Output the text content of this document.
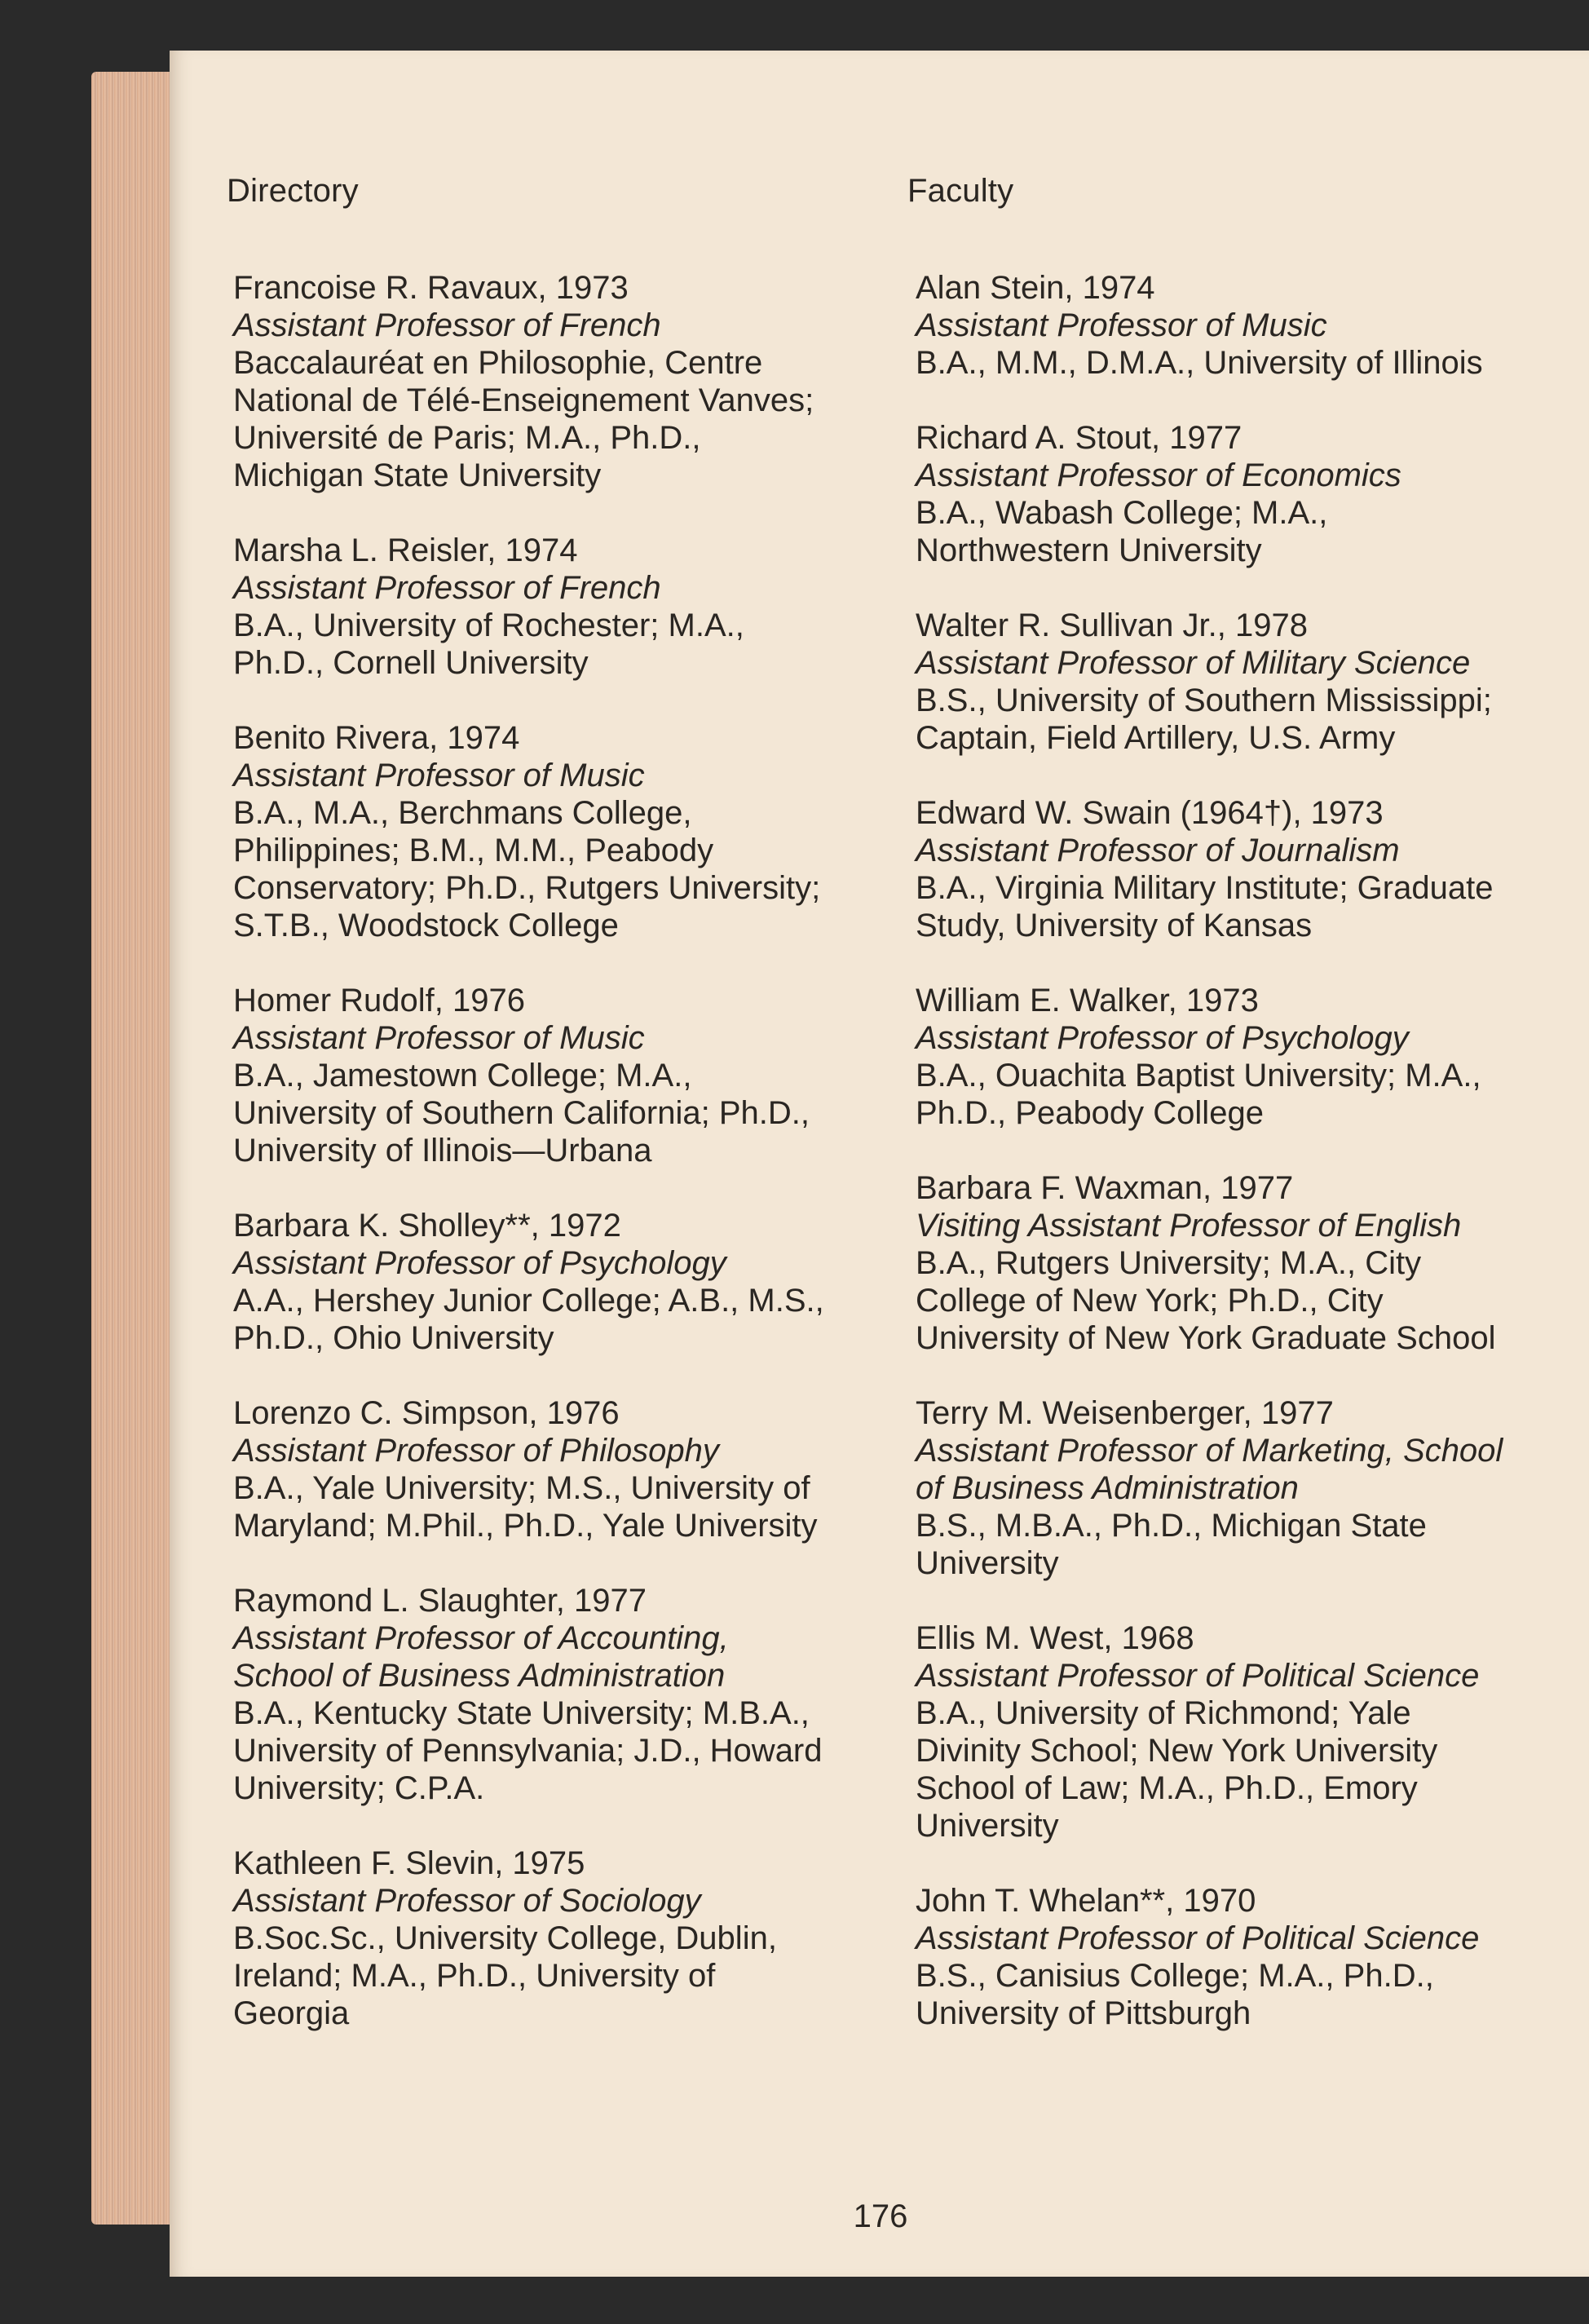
Directory	Faculty
Francoise R. Ravaux, 1973
Assistant Professor of French
Baccalauréat en Philosophie, Centre
National de Télé-Enseignement Vanves;
Université de Paris; M.A., Ph.D.,
Michigan State University
Marsha L. Reisler, 1974
Assistant Professor of French
B.A., University of Rochester; M.A.,
Ph.D., Cornell University
Benito Rivera, 1974
Assistant Professor of Music
B.A., M.A., Berchmans College,
Philippines; B.M., M.M., Peabody
Conservatory; Ph.D., Rutgers University;
S.T.B., Woodstock College
Homer Rudolf, 1976
Assistant Professor of Music
B.A., Jamestown College; M.A.,
University of Southern California; Ph.D.,
University of Illinois—Urbana
Barbara K. Sholley**, 1972
Assistant Professor of Psychology
A.A., Hershey Junior College; A.B., M.S.,
Ph.D., Ohio University
Lorenzo C. Simpson, 1976
Assistant Professor of Philosophy
B.A., Yale University; M.S., University of
Maryland; M.Phil., Ph.D., Yale University
Raymond L. Slaughter, 1977
Assistant Professor of Accounting,
School of Business Administration
B.A., Kentucky State University; M.B.A.,
University of Pennsylvania; J.D., Howard
University; C.P.A.
Kathleen F. Slevin, 1975
Assistant Professor of Sociology
B.Soc.Sc., University College, Dublin,
Ireland; M.A., Ph.D., University of
Georgia
Alan Stein, 1974
Assistant Professor of Music
B.A., M.M., D.M.A., University of Illinois
Richard A. Stout, 1977
Assistant Professor of Economics
B.A., Wabash College; M.A.,
Northwestern University
Walter R. Sullivan Jr., 1978
Assistant Professor of Military Science
B.S., University of Southern Mississippi;
Captain, Field Artillery, U.S. Army
Edward W. Swain (1964†), 1973
Assistant Professor of Journalism
B.A., Virginia Military Institute; Graduate
Study, University of Kansas
William E. Walker, 1973
Assistant Professor of Psychology
B.A., Ouachita Baptist University; M.A.,
Ph.D., Peabody College
Barbara F. Waxman, 1977
Visiting Assistant Professor of English
B.A., Rutgers University; M.A., City
College of New York; Ph.D., City
University of New York Graduate School
Terry M. Weisenberger, 1977
Assistant Professor of Marketing, School
of Business Administration
B.S., M.B.A., Ph.D., Michigan State
University
Ellis M. West, 1968
Assistant Professor of Political Science
B.A., University of Richmond; Yale
Divinity School; New York University
School of Law; M.A., Ph.D., Emory
University
John T. Whelan**, 1970
Assistant Professor of Political Science
B.S., Canisius College; M.A., Ph.D.,
University of Pittsburgh
176
